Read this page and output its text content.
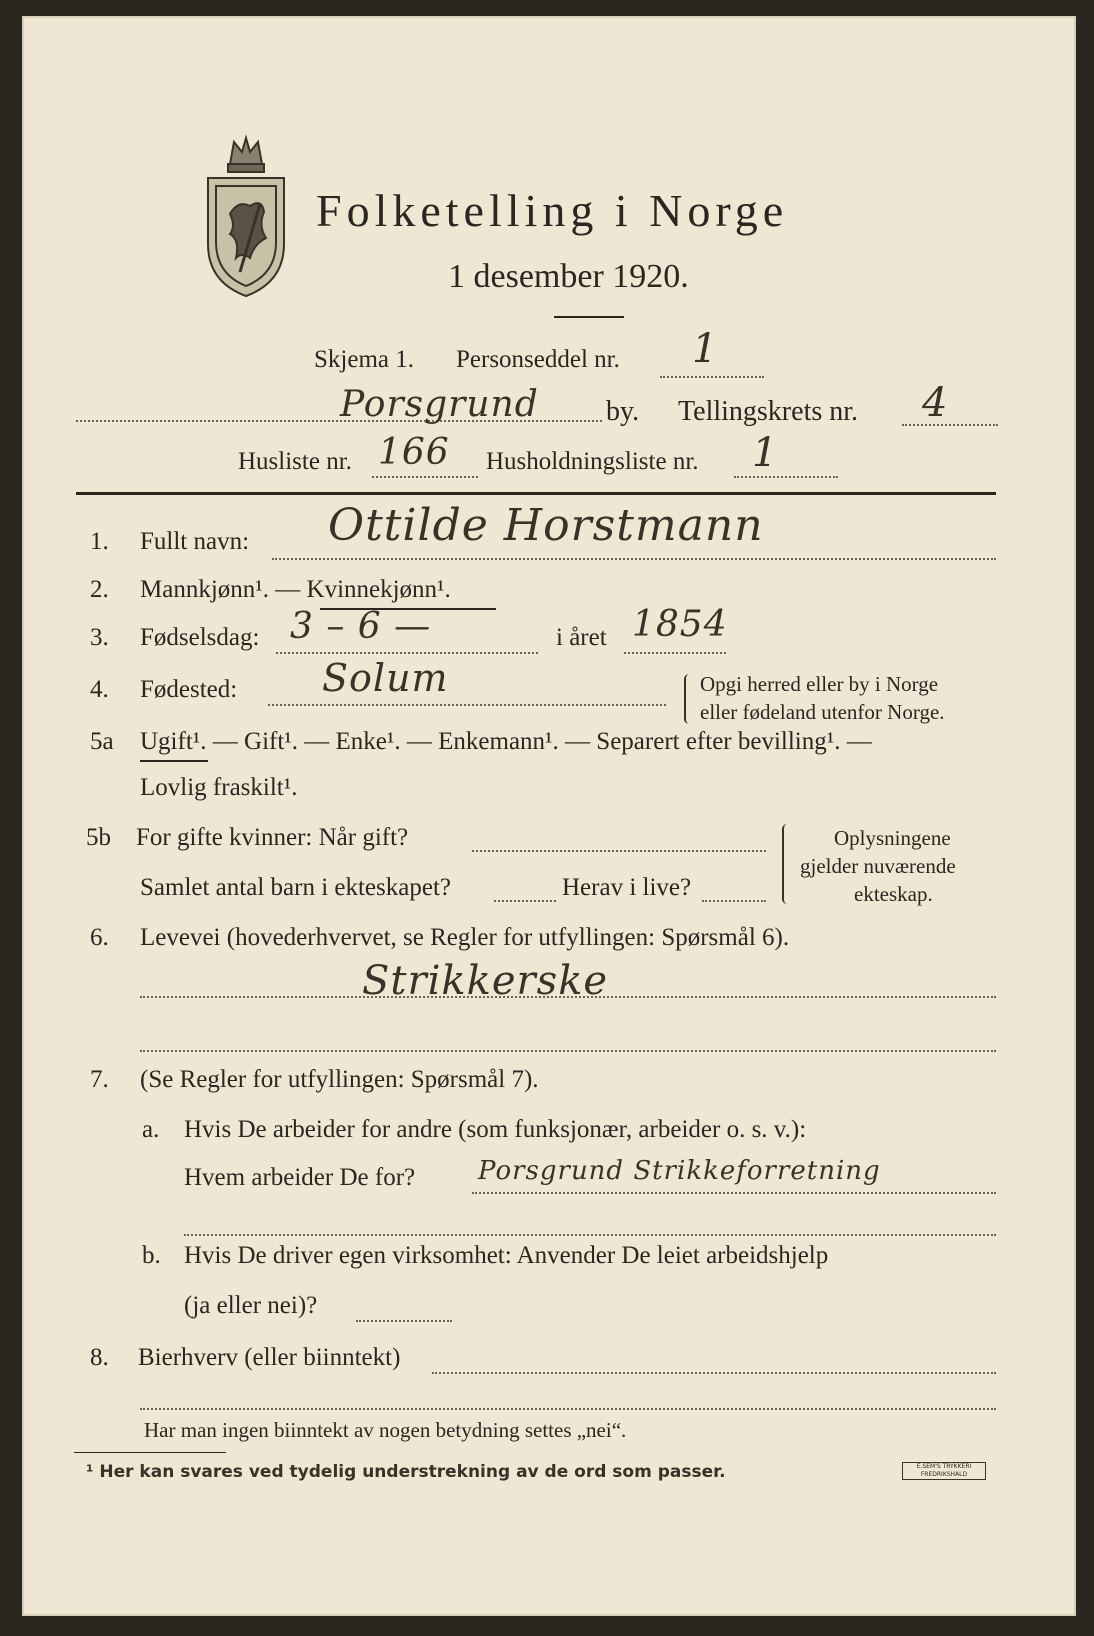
Folketelling i Norge
1 desember 1920.
Skjema 1. Personseddel nr. 1
Porsgrund by. Tellingskrets nr. 4
Husliste nr. 166 Husholdningsliste nr. 1
1. Fullt navn: Ottilde Horstmann
2. Mannkjønn¹. — Kvinnekjønn¹.
3. Fødselsdag: 3 – 6 —	i året 1854
4. Fødested: Solum	Opgi herred eller by i Norge
eller fødeland utenfor Norge.
5a Ugift¹. — Gift¹. — Enke¹. — Enkemann¹. — Separert efter bevilling¹. —
Lovlig fraskilt¹.
5b For gifte kvinner: Når gift?
Samlet antal barn i ekteskapet?	Herav i live?
Oplysningene
gjelder nuværende
ekteskap.
6. Levevei (hovederhvervet, se Regler for utfyllingen: Spørsmål 6).
Strikkerske
7. (Se Regler for utfyllingen: Spørsmål 7).
a. Hvis De arbeider for andre (som funksjonær, arbeider o. s. v.):
Hvem arbeider De for? Porsgrund Strikkeforretning
b. Hvis De driver egen virksomhet: Anvender De leiet arbeidshjelp
(ja eller nei)?
8. Bierhverv (eller biinntekt)
Har man ingen biinntekt av nogen betydning settes „nei“.
¹ Her kan svares ved tydelig understrekning av de ord som passer.	E.SEM'S TRYKKERI FREDRIKSHALD
